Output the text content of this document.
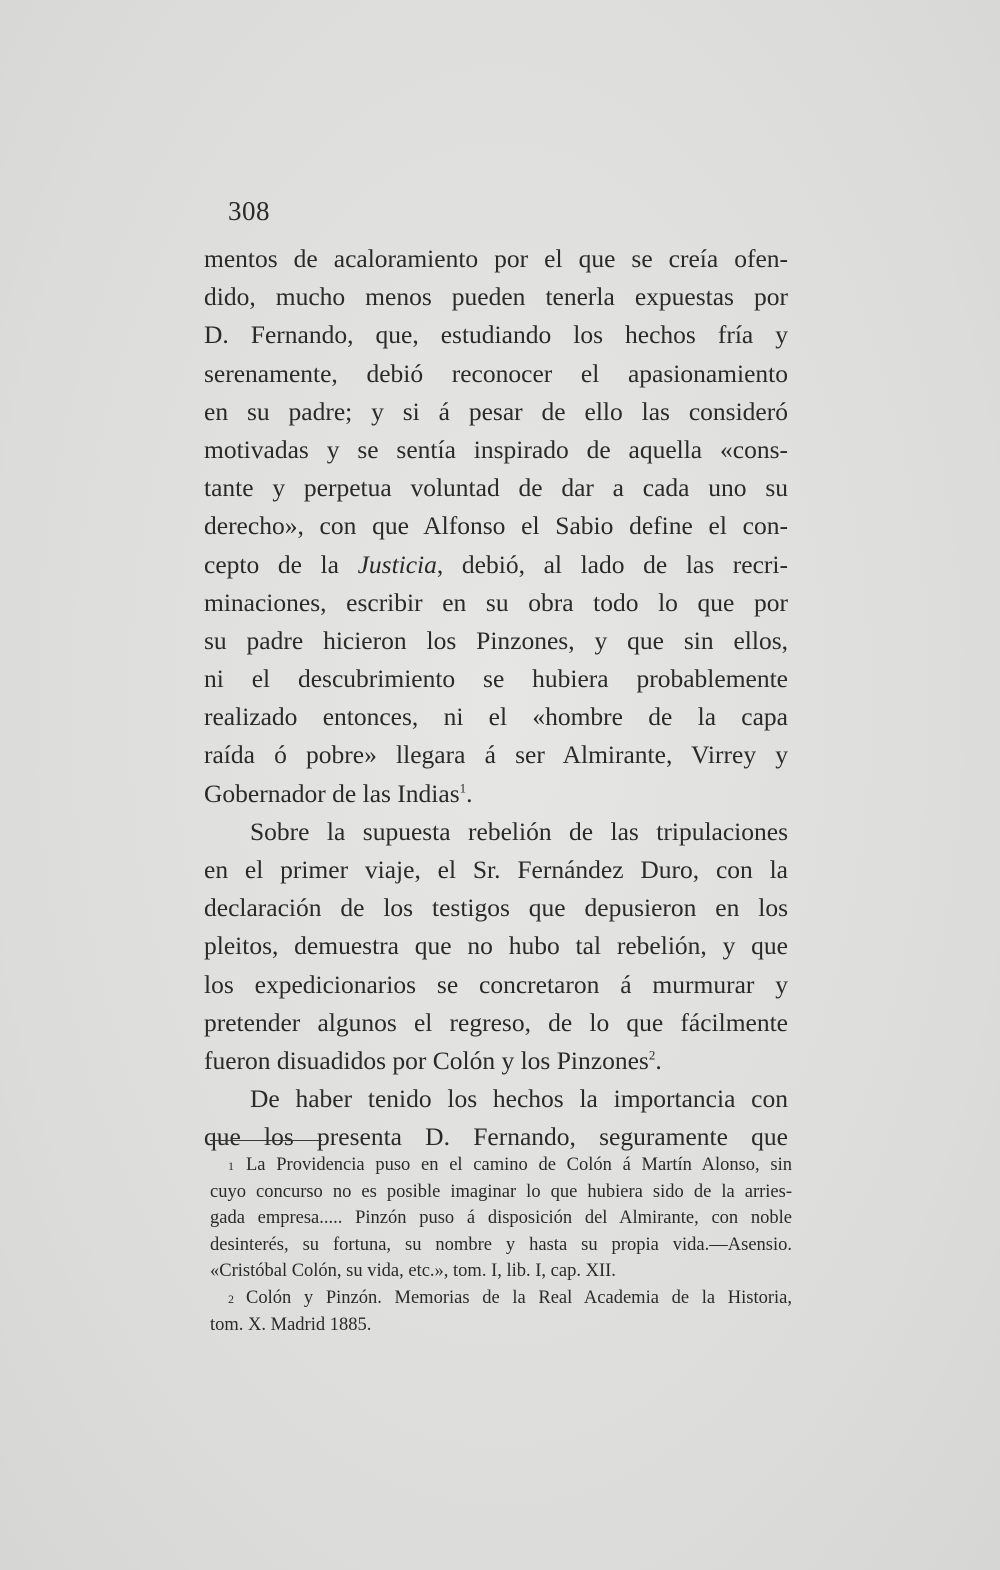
308
mentos de acaloramiento por el que se creía ofen-
dido, mucho menos pueden tenerla expuestas por
D. Fernando, que, estudiando los hechos fría y
serenamente, debió reconocer el apasionamiento
en su padre; y si á pesar de ello las consideró
motivadas y se sentía inspirado de aquella «cons-
tante y perpetua voluntad de dar a cada uno su
derecho», con que Alfonso el Sabio define el con-
cepto de la Justicia, debió, al lado de las recri-
minaciones, escribir en su obra todo lo que por
su padre hicieron los Pinzones, y que sin ellos,
ni el descubrimiento se hubiera probablemente
realizado entonces, ni el «hombre de la capa
raída ó pobre» llegara á ser Almirante, Virrey y
Gobernador de las Indias$^1$.
Sobre la supuesta rebelión de las tripulaciones
en el primer viaje, el Sr. Fernández Duro, con la
declaración de los testigos que depusieron en los
pleitos, demuestra que no hubo tal rebelión, y que
los expedicionarios se concretaron á murmurar y
pretender algunos el regreso, de lo que fácilmente
fueron disuadidos por Colón y los Pinzones$^2$.
De haber tenido los hechos la importancia con
que los presenta D. Fernando, seguramente que
1 La Providencia puso en el camino de Colón á Martín Alonso, sin
cuyo concurso no es posible imaginar lo que hubiera sido de la arries-
gada empresa..... Pinzón puso á disposición del Almirante, con noble
desinterés, su fortuna, su nombre y hasta su propia vida.—Asensio.
«Cristóbal Colón, su vida, etc.», tom. I, lib. I, cap. XII.
2 Colón y Pinzón. Memorias de la Real Academia de la Historia,
tom. X. Madrid 1885.
